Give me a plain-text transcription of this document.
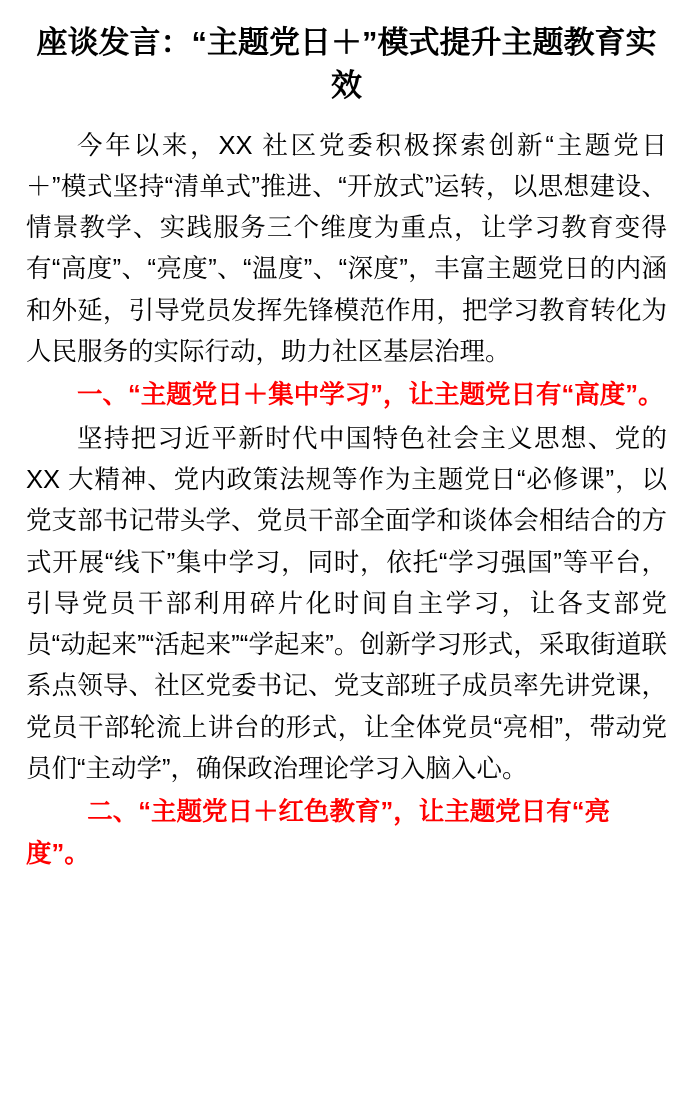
座谈发言：“主题党日＋”模式提升主题教育实效

今年以来，XX 社区党委积极探索创新“主题党日＋”模式坚持“清单式”推进、“开放式”运转，以思想建设、情景教学、实践服务三个维度为重点，让学习教育变得有“高度”、“亮度”、“温度”、“深度”，丰富主题党日的内涵和外延，引导党员发挥先锋模范作用，把学习教育转化为人民服务的实际行动，助力社区基层治理。

一、“主题党日＋集中学习”，让主题党日有“高度”。

坚持把习近平新时代中国特色社会主义思想、党的 XX 大精神、党内政策法规等作为主题党日“必修课”，以党支部书记带头学、党员干部全面学和谈体会相结合的方式开展“线下”集中学习，同时，依托“学习强国”等平台，引导党员干部利用碎片化时间自主学习，让各支部党员“动起来”“活起来”“学起来”。创新学习形式，采取街道联系点领导、社区党委书记、党支部班子成员率先讲党课，党员干部轮流上讲台的形式，让全体党员“亮相”，带动党员们“主动学”，确保政治理论学习入脑入心。

二、“主题党日＋红色教育”，让主题党日有“亮度”。
